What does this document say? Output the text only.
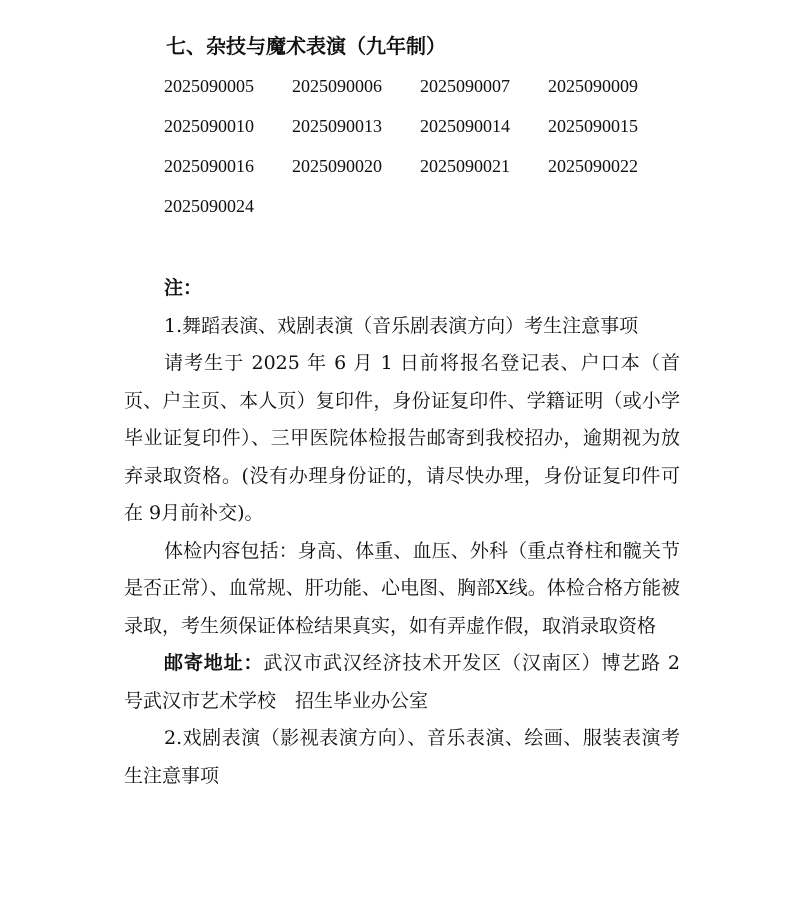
七、杂技与魔术表演（九年制）
2025090005 2025090006 2025090007 2025090009
2025090010 2025090013 2025090014 2025090015
2025090016 2025090020 2025090021 2025090022
2025090024

注：

1.舞蹈表演、戏剧表演（音乐剧表演方向）考生注意事项

请考生于 2025 年 6 月 1 日前将报名登记表、户口本（首页、户主页、本人页）复印件，身份证复印件、学籍证明（或小学毕业证复印件）、三甲医院体检报告邮寄到我校招办，逾期视为放弃录取资格。(没有办理身份证的，请尽快办理，身份证复印件可在 9月前补交)。

体检内容包括：身高、体重、血压、外科（重点脊柱和髋关节是否正常）、血常规、肝功能、心电图、胸部X线。体检合格方能被录取，考生须保证体检结果真实，如有弄虚作假，取消录取资格

邮寄地址：武汉市武汉经济技术开发区（汉南区）博艺路 2 号武汉市艺术学校　招生毕业办公室

2.戏剧表演（影视表演方向）、音乐表演、绘画、服装表演考生注意事项
